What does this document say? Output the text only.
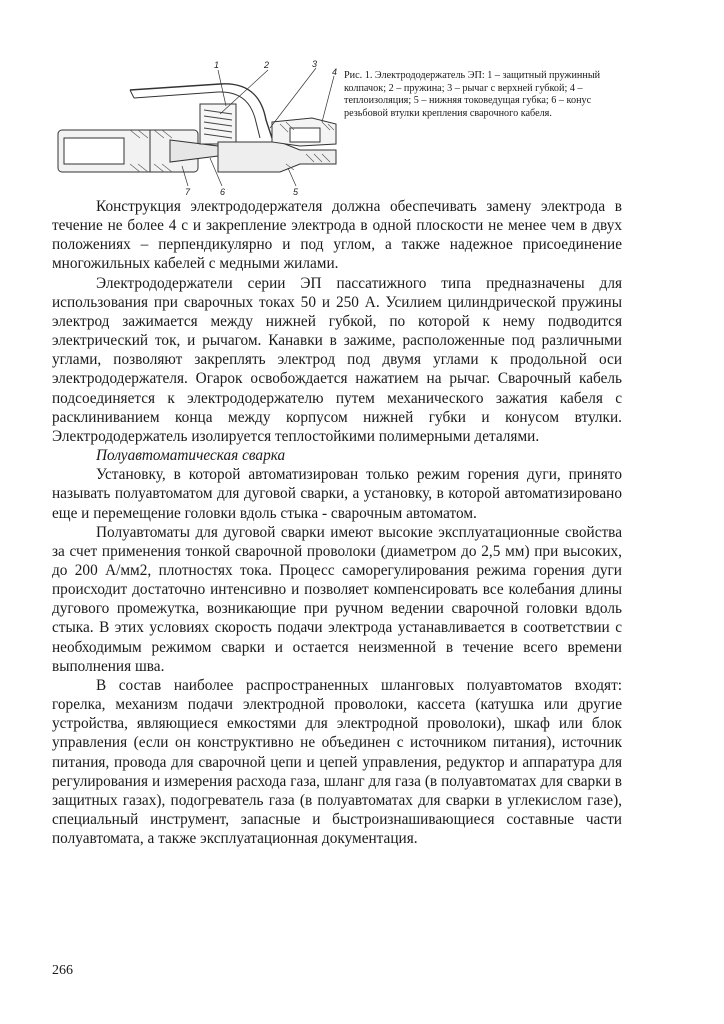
1	2	3
4
5
6
7
Рис. 1. Электрододержатель ЭП: 1 – защитный пружинный колпачок; 2 – пружина; 3 – рычаг с верхней губкой; 4 – теплоизоляция; 5 – нижняя токоведущая губка; 6 – конус резьбовой втулки крепления сварочного кабеля.

Конструкция электрододержателя должна обеспечивать замену электрода в течение не более 4 с и закрепление электрода в одной плоскости не менее чем в двух положениях – перпендикулярно и под углом, а также надежное присоединение многожильных кабелей с медными жилами.

Электрододержатели серии ЭП пассатижного типа предназначены для использования при сварочных токах 50 и 250 А. Усилием цилиндрической пружины электрод зажимается между нижней губкой, по которой к нему подводится электрический ток, и рычагом. Канавки в зажиме, расположенные под различными углами, позволяют закреплять электрод под двумя углами к продольной оси электрододержателя. Огарок освобождается нажатием на рычаг. Сварочный кабель подсоединяется к электрододержателю путем механического зажатия кабеля с расклиниванием конца между корпусом нижней губки и конусом втулки. Электрододержатель изолируется теплостойкими полимерными деталями.

Полуавтоматическая сварка

Установку, в которой автоматизирован только режим горения дуги, принято называть полуавтоматом для дуговой сварки, а установку, в которой автоматизировано еще и перемещение головки вдоль стыка - сварочным автоматом.

Полуавтоматы для дуговой сварки имеют высокие эксплуатационные свойства за счет применения тонкой сварочной проволоки (диаметром до 2,5 мм) при высоких, до 200 А/мм2, плотностях тока. Процесс саморегулирования режима горения дуги происходит достаточно интенсивно и позволяет компенсировать все колебания длины дугового промежутка, возникающие при ручном ведении сварочной головки вдоль стыка. В этих условиях скорость подачи электрода устанавливается в соответствии с необходимым режимом сварки и остается неизменной в течение всего времени выполнения шва.

В состав наиболее распространенных шланговых полуавтоматов входят: горелка, механизм подачи электродной проволоки, кассета (катушка или другие устройства, являющиеся емкостями для электродной проволоки), шкаф или блок управления (если он конструктивно не объединен с источником питания), источник питания, провода для сварочной цепи и цепей управления, редуктор и аппаратура для регулирования и измерения расхода газа, шланг для газа (в полуавтоматах для сварки в защитных газах), подогреватель газа (в полуавтоматах для сварки в углекислом газе), специальный инструмент, запасные и быстроизнашивающиеся составные части полуавтомата, а также эксплуатационная документация.

266
